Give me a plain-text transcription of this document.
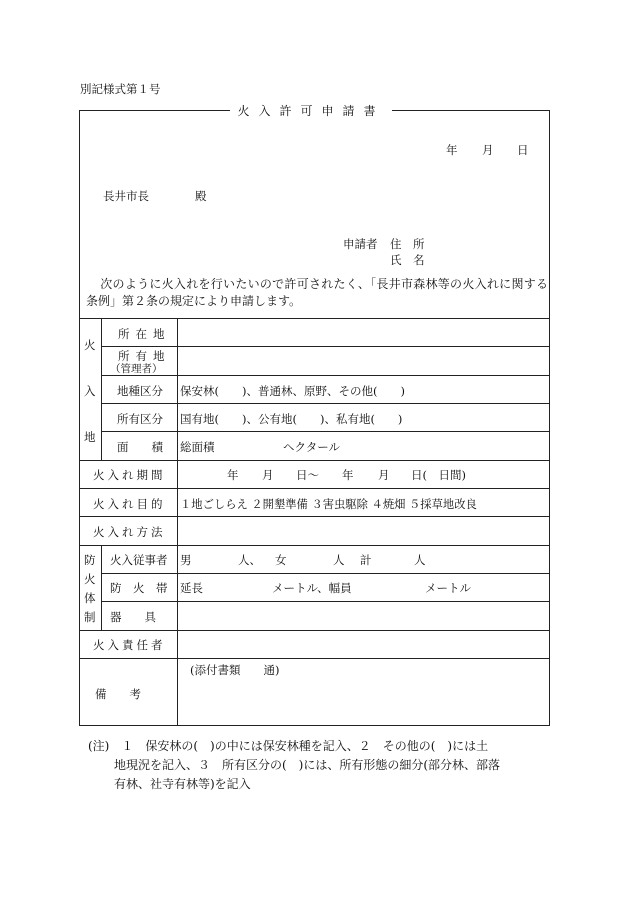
別記様式第１号
火入許可申請書
年 月 日
長井市長	殿
申請者 住　所
氏　名
次のように火入れを行いたいので許可されたく、「長井市森林等の火入れに関する条例」第２条の規定により申請します。
火
入
地
所在地
所有地
（管理者）
地種区分 保安林(　　)、普通林、原野、その他(　　)
所有区分 国有地(　　)、公有地(　　)、私有地(　　)
面　　積 総面積	ヘクタール
火入れ期間	年 月 日～ 年 月 日(　日間)
火入れ目的 １地ごしらえ ２開墾準備 ３害虫駆除 ４焼畑 ５採草地改良
火入れ方法
防
火
体
制
火入従事者 男	人、 女	人 計	人
防　火　帯 延長	メートル、幅員	メートル
器　　具
火入責任者
備　　考
(添付書類　　通)
(注)　１　保安林の(　)の中には保安林種を記入、２　その他の(　)には土
地現況を記入、３　所有区分の(　)には、所有形態の細分(部分林、部落
有林、社寺有林等)を記入
